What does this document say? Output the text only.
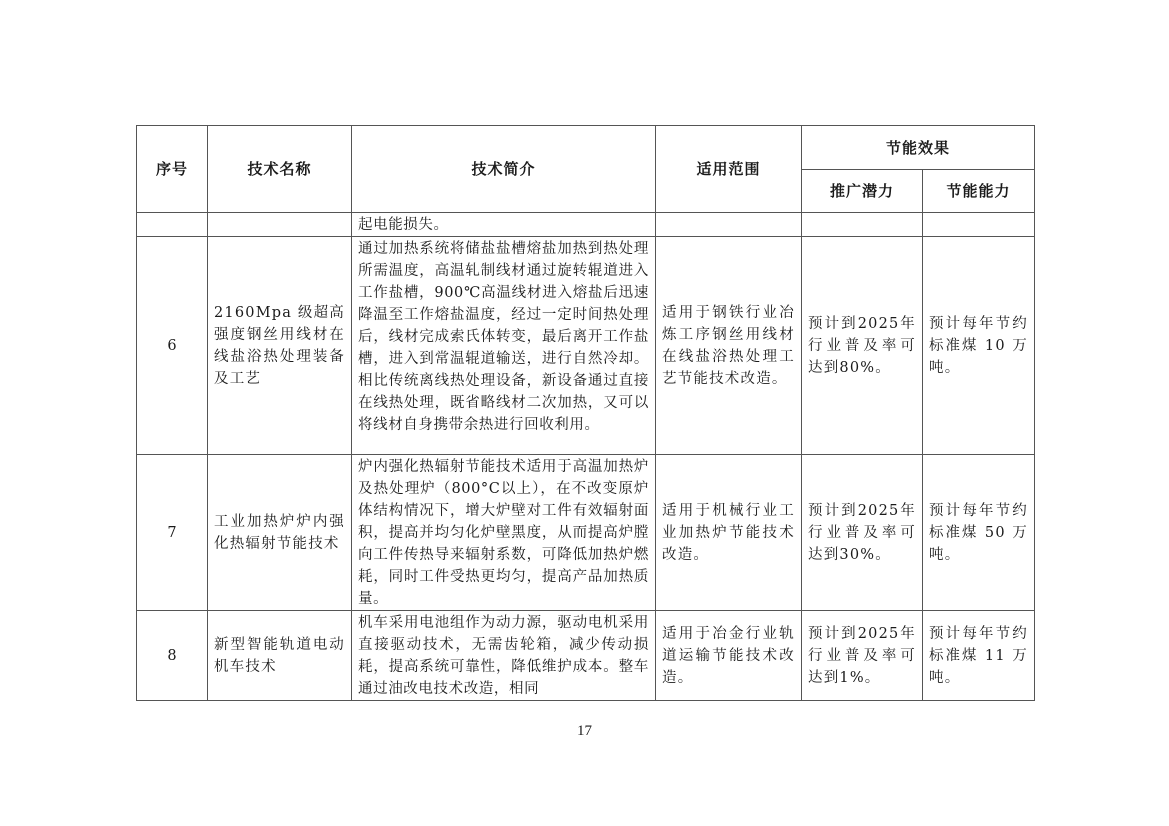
序号	技术名称	技术简介	适用范围	节能效果	
				推广潜力	节能能力
		起电能损失。			
6	2160Mpa 级超高强度钢丝用线材在线盐浴热处理装备及工艺	通过加热系统将储盐盐槽熔盐加热到热处理所需温度，高温轧制线材通过旋转辊道进入工作盐槽，900℃高温线材进入熔盐后迅速降温至工作熔盐温度，经过一定时间热处理后，线材完成索氏体转变，最后离开工作盐槽，进入到常温辊道输送，进行自然冷却。相比传统离线热处理设备，新设备通过直接在线热处理，既省略线材二次加热，又可以将线材自身携带余热进行回收利用。	适用于钢铁行业冶炼工序钢丝用线材在线盐浴热处理工艺节能技术改造。	预计到2025年行业普及率可达到80%。	预计每年节约标准煤 10 万吨。
7	工业加热炉炉内强化热辐射节能技术	炉内强化热辐射节能技术适用于高温加热炉及热处理炉（800°C以上），在不改变原炉体结构情况下，增大炉壁对工件有效辐射面积，提高并均匀化炉壁黑度，从而提高炉膛向工件传热导来辐射系数，可降低加热炉燃耗，同时工件受热更均匀，提高产品加热质量。	适用于机械行业工业加热炉节能技术改造。	预计到2025年行业普及率可达到30%。	预计每年节约标准煤 50 万吨。
8	新型智能轨道电动机车技术	机车采用电池组作为动力源，驱动电机采用直接驱动技术，无需齿轮箱，减少传动损耗，提高系统可靠性，降低维护成本。整车通过油改电技术改造，相同	适用于冶金行业轨道运输节能技术改造。	预计到2025年行业普及率可达到1%。	预计每年节约标准煤 11 万吨。
17
